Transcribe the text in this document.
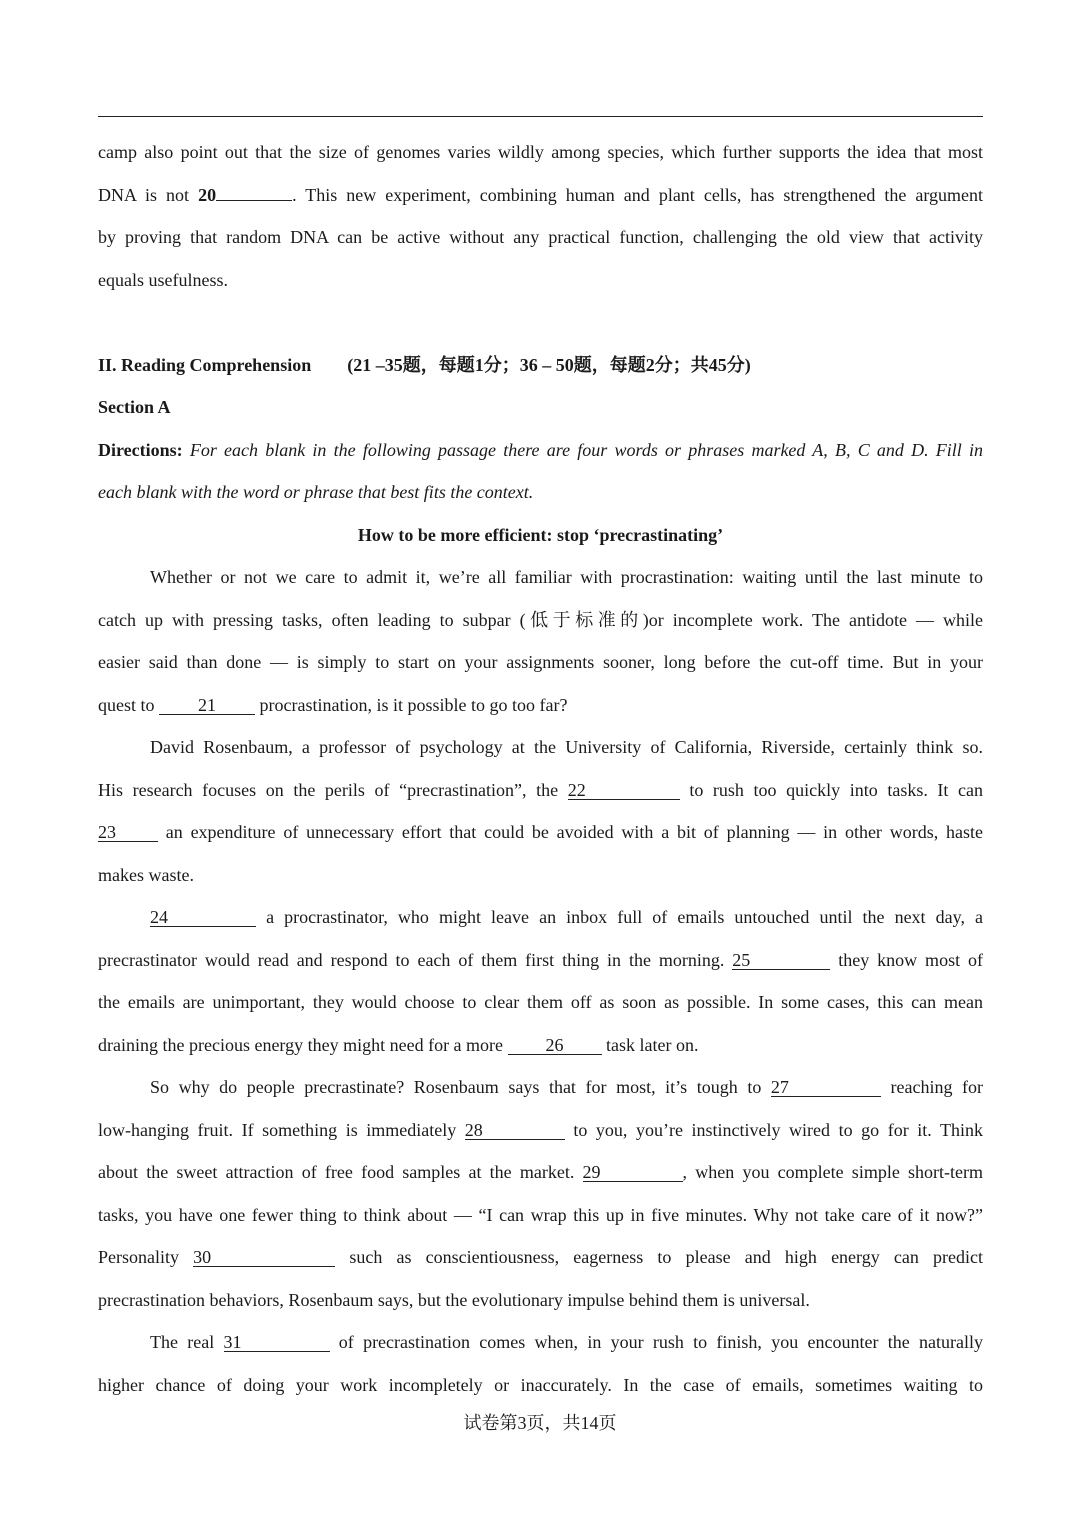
camp also point out that the size of genomes varies wildly among species, which further supports the idea that most
DNA is not 20	. This new experiment, combining human and plant cells, has strengthened the argument
by proving that random DNA can be active without any practical function, challenging the old view that activity
equals usefulness.
II. Reading Comprehension (21 –35题，每题1分；36 – 50题，每题2分；共45分)
Section A
Directions: For each blank in the following passage there are four words or phrases marked A, B, C and D. Fill in
each blank with the word or phrase that best fits the context.
How to be more efficient: stop ‘precrastinating’
Whether or not we care to admit it, we’re all familiar with procrastination: waiting until the last minute to
catch up with pressing tasks, often leading to subpar (低于标准的)or incomplete work. The antidote — while
easier said than done — is simply to start on your assignments sooner, long before the cut-off time. But in your
quest to 21 procrastination, is it possible to go too far?
David Rosenbaum, a professor of psychology at the University of California, Riverside, certainly think so.
His research focuses on the perils of “precrastination”, the 22	to rush too quickly into tasks. It can
23 an expenditure of unnecessary effort that could be avoided with a bit of planning — in other words, haste
makes waste.
24	a procrastinator, who might leave an inbox full of emails untouched until the next day, a
precrastinator would read and respond to each of them first thing in the morning. 25	they know most of
the emails are unimportant, they would choose to clear them off as soon as possible. In some cases, this can mean
draining the precious energy they might need for a more 26 task later on.
So why do people precrastinate? Rosenbaum says that for most, it’s tough to 27	reaching for
low-hanging fruit. If something is immediately 28	to you, you’re instinctively wired to go for it. Think
about the sweet attraction of free food samples at the market. 29	, when you complete simple short-term
tasks, you have one fewer thing to think about — “I can wrap this up in five minutes. Why not take care of it now?”
Personality 30	such as conscientiousness, eagerness to please and high energy can predict
precrastination behaviors, Rosenbaum says, but the evolutionary impulse behind them is universal.
The real 31	of precrastination comes when, in your rush to finish, you encounter the naturally
higher chance of doing your work incompletely or inaccurately. In the case of emails, sometimes waiting to
试卷第3页，共14页
